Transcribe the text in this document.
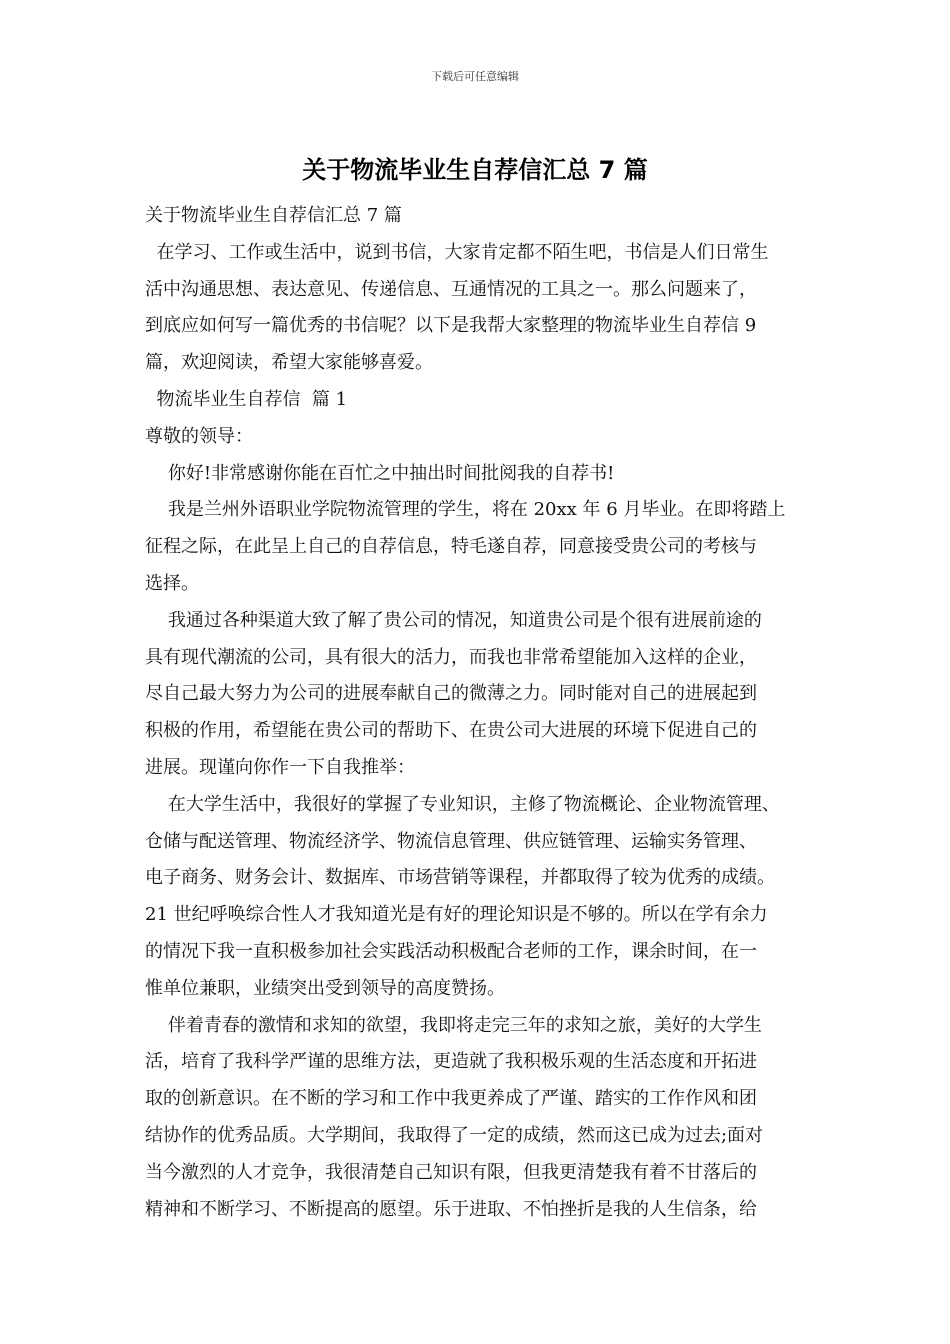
下载后可任意编辑
关于物流毕业生自荐信汇总 7 篇
关于物流毕业生自荐信汇总 7 篇
在学习、工作或生活中，说到书信，大家肯定都不陌生吧，书信是人们日常生
活中沟通思想、表达意见、传递信息、互通情况的工具之一。那么问题来了，
到底应如何写一篇优秀的书信呢？以下是我帮大家整理的物流毕业生自荐信 9
篇，欢迎阅读，希望大家能够喜爱。
物流毕业生自荐信  篇 1
尊敬的领导：
你好!非常感谢你能在百忙之中抽出时间批阅我的自荐书!
我是兰州外语职业学院物流管理的学生，将在 20xx 年 6 月毕业。在即将踏上
征程之际，在此呈上自己的自荐信息，特毛遂自荐，同意接受贵公司的考核与
选择。
我通过各种渠道大致了解了贵公司的情况，知道贵公司是个很有进展前途的
具有现代潮流的公司，具有很大的活力，而我也非常希望能加入这样的企业，
尽自己最大努力为公司的进展奉献自己的微薄之力。同时能对自己的进展起到
积极的作用，希望能在贵公司的帮助下、在贵公司大进展的环境下促进自己的
进展。现谨向你作一下自我推举：
在大学生活中，我很好的掌握了专业知识，主修了物流概论、企业物流管理、
仓储与配送管理、物流经济学、物流信息管理、供应链管理、运输实务管理、
电子商务、财务会计、数据库、市场营销等课程，并都取得了较为优秀的成绩。
21 世纪呼唤综合性人才我知道光是有好的理论知识是不够的。所以在学有余力
的情况下我一直积极参加社会实践活动积极配合老师的工作，课余时间，在一
惟单位兼职，业绩突出受到领导的高度赞扬。
伴着青春的激情和求知的欲望，我即将走完三年的求知之旅，美好的大学生
活，培育了我科学严谨的思维方法，更造就了我积极乐观的生活态度和开拓进
取的创新意识。在不断的学习和工作中我更养成了严谨、踏实的工作作风和团
结协作的优秀品质。大学期间，我取得了一定的成绩，然而这已成为过去;面对
当今激烈的人才竞争，我很清楚自己知识有限，但我更清楚我有着不甘落后的
精神和不断学习、不断提高的愿望。乐于进取、不怕挫折是我的人生信条，给
